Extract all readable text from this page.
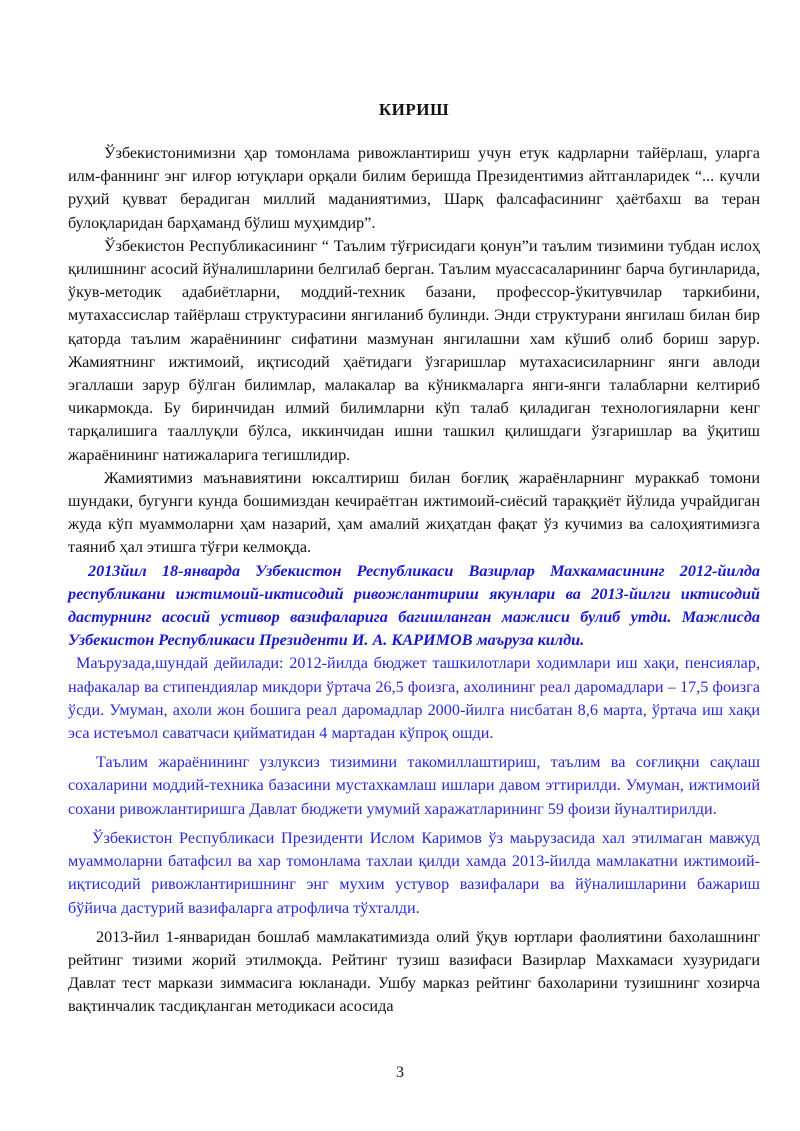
КИРИШ

Ўзбекистонимизни ҳар томонлама ривожлантириш учун етук кадрларни тайёрлаш, уларга илм-фаннинг энг илғор ютуқлари орқали билим беришда Президентимиз айтганларидек “... кучли руҳий қувват берадиган миллий маданиятимиз, Шарқ фалсафасининг ҳаётбахш ва теран булоқларидан барҳаманд бўлиш муҳимдир”.

Ўзбекистон Республикасининг “ Таълим тўғрисидаги қонун”и таълим тизимини тубдан ислоҳ қилишнинг асосий йўналишларини белгилаб берган. Таълим муассасаларининг барча бугинларида, ўкув-методик адабиётларни, моддий-техник базани, профессор-ўкитувчилар таркибини, мутахассислар тайёрлаш структурасини янгиланиб булинди. Энди структурани янгилаш билан бир қаторда таълим жараёнининг сифатини мазмунан янгилашни хам кўшиб олиб бориш зарур. Жамиятнинг ижтимоий, иқтисодий ҳаётидаги ўзгаришлар мутахасисиларнинг янги авлоди эгаллаши зарур бўлган билимлар, малакалар ва кўникмаларга янги-янги талабларни келтириб чикармокда. Бу биринчидан илмий билимларни кўп талаб қиладиган технологияларни кенг тарқалишига тааллуқли бўлса, иккинчидан ишни ташкил қилишдаги ўзгаришлар ва ўқитиш жараёнининг натижаларига тегишлидир.

Жамиятимиз маънавиятини юксалтириш билан боғлиқ жараёнларнинг мураккаб томони шундаки, бугунги кунда бошимиздан кечираётган ижтимоий-сиёсий тараққиёт йўлида учрайдиган жуда кўп муаммоларни ҳам назарий, ҳам амалий жиҳатдан фақат ўз кучимиз ва салоҳиятимизга таяниб ҳал этишга тўғри келмоқда.

2013йил 18-январда Узбекистон Республикаси Вазирлар Махкамасининг 2012-йилда республикани ижтимоий-иктисодий ривожлантириш якунлари ва 2013-йилги иктисодий дастурнинг асосий устивор вазифаларига багишланган мажлиси булиб утди. Мажлисда Узбекистон Республикаси Президенти И. А. КАРИМОВ маъруза килди.

Маърузада,шундай дейилади: 2012-йилда бюджет ташкилотлари ходимлари иш хақи, пенсиялар, нафакалар ва стипендиялар микдори ўртача 26,5 фоизга, ахолининг реал даромадлари – 17,5 фоизга ўсди. Умуман, ахоли жон бошига реал даромадлар 2000-йилга нисбатан 8,6 марта, ўртача иш хақи эса истеъмол саватчаси қийматидан 4 мартадан кўпроқ ошди.

Таълим жараёнининг узлуксиз тизимини такомиллаштириш, таълим ва соғлиқни сақлаш сохаларини моддий-техника базасини мустахкамлаш ишлари давом эттирилди. Умуман, ижтимоий сохани ривожлантиришга Давлат бюджети умумий харажатларининг 59 фоизи йуналтирилди.

Ўзбекистон Республикаси Президенти Ислом Каримов ўз маьрузасида хал этилмаган мавжуд муаммоларни батафсил ва хар томонлама тахлаи қилди хамда 2013-йилда мамлакатни ижтимоий-иқтисодий ривожлантиришнинг энг мухим устувор вазифалари ва йўналишларини бажариш бўйича дастурий вазифаларга атрофлича тўхталди.

2013-йил 1-январидан бошлаб мамлакатимизда олий ўқув юртлари фаолиятини бахолашнинг рейтинг тизими жорий этилмоқда. Рейтинг тузиш вазифаси Вазирлар Махкамаси хузуридаги Давлат тест маркази зиммасига юкланади. Ушбу марказ рейтинг бахоларини тузишнинг хозирча вақтинчалик тасдиқланган методикаси асосида

3
